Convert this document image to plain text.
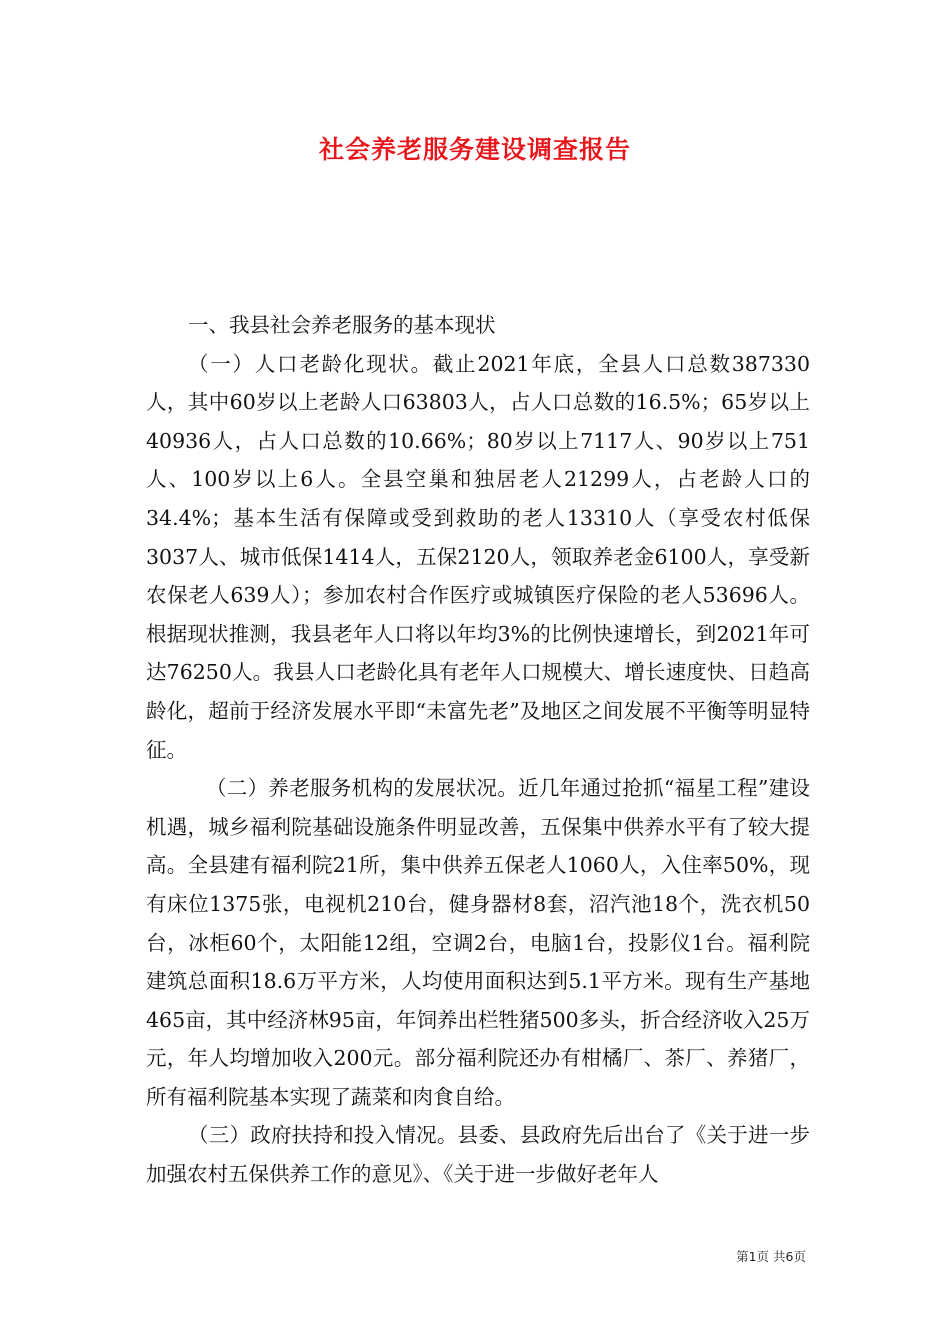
社会养老服务建设调查报告

一、我县社会养老服务的基本现状

（一）人口老龄化现状。截止2021年底，全县人口总数387330人，其中60岁以上老龄人口63803人，占人口总数的16.5%；65岁以上40936人，占人口总数的10.66%；80岁以上7117人、90岁以上751人、100岁以上6人。全县空巢和独居老人21299人，占老龄人口的34.4%；基本生活有保障或受到救助的老人13310人（享受农村低保3037人、城市低保1414人，五保2120人，领取养老金6100人，享受新农保老人639人）；参加农村合作医疗或城镇医疗保险的老人53696人。根据现状推测，我县老年人口将以年均3%的比例快速增长，到2021年可达76250人。我县人口老龄化具有老年人口规模大、增长速度快、日趋高龄化，超前于经济发展水平即“未富先老”及地区之间发展不平衡等明显特征。

（二）养老服务机构的发展状况。近几年通过抢抓“福星工程”建设机遇，城乡福利院基础设施条件明显改善，五保集中供养水平有了较大提高。全县建有福利院21所，集中供养五保老人1060人，入住率50%，现有床位1375张，电视机210台，健身器材8套，沼汽池18个，洗衣机50台，冰柜60个，太阳能12组，空调2台，电脑1台，投影仪1台。福利院建筑总面积18.6万平方米，人均使用面积达到5.1平方米。现有生产基地465亩，其中经济林95亩，年饲养出栏牲猪500多头，折合经济收入25万元，年人均增加收入200元。部分福利院还办有柑橘厂、茶厂、养猪厂，所有福利院基本实现了蔬菜和肉食自给。

（三）政府扶持和投入情况。县委、县政府先后出台了《关于进一步加强农村五保供养工作的意见》、《关于进一步做好老年人

第1页 共6页
